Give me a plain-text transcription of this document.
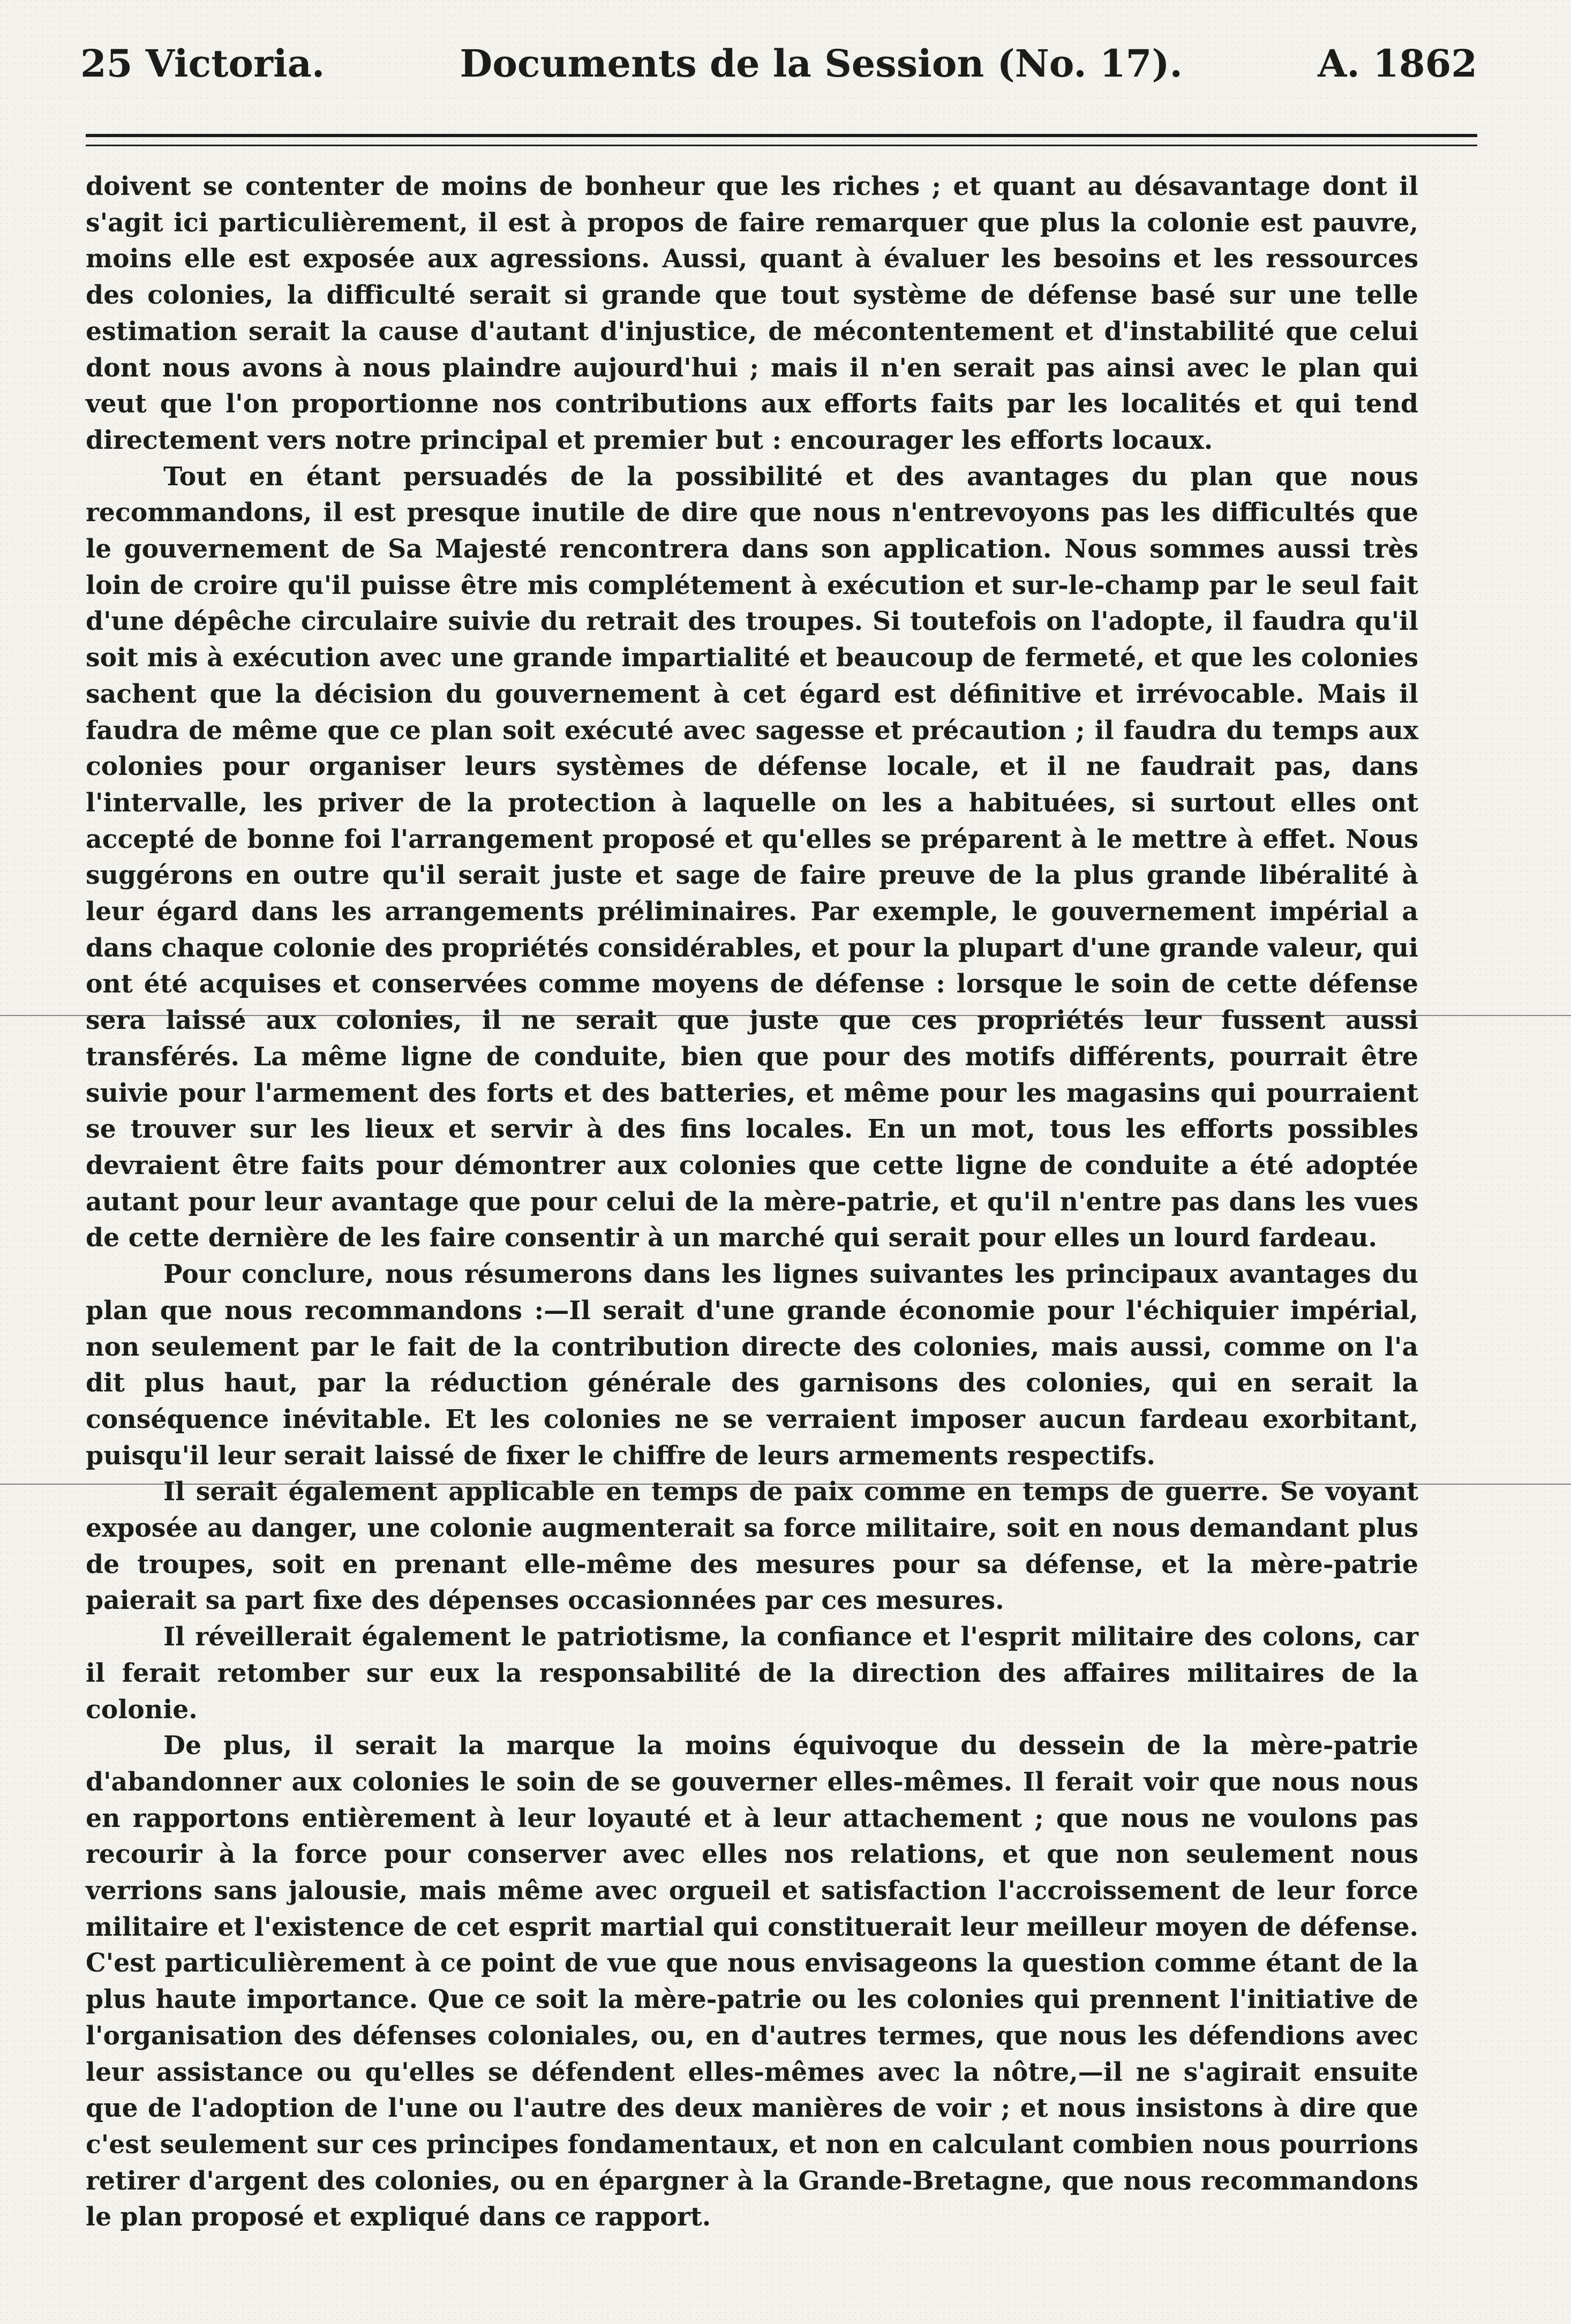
25 Victoria.	Documents de la Session (No. 17).	A. 1862

doivent se contenter de moins de bonheur que les riches ; et quant au désavantage dont il s'agit ici particulièrement, il est à propos de faire remarquer que plus la colonie est pauvre, moins elle est exposée aux agressions. Aussi, quant à évaluer les besoins et les ressources des colonies, la difficulté serait si grande que tout système de défense basé sur une telle estimation serait la cause d'autant d'injustice, de mécontentement et d'instabilité que celui dont nous avons à nous plaindre aujourd'hui ; mais il n'en serait pas ainsi avec le plan qui veut que l'on proportionne nos contributions aux efforts faits par les localités et qui tend directement vers notre principal et premier but : encourager les efforts locaux.

Tout en étant persuadés de la possibilité et des avantages du plan que nous recommandons, il est presque inutile de dire que nous n'entrevoyons pas les difficultés que le gouvernement de Sa Majesté rencontrera dans son application. Nous sommes aussi très loin de croire qu'il puisse être mis complétement à exécution et sur-le-champ par le seul fait d'une dépêche circulaire suivie du retrait des troupes. Si toutefois on l'adopte, il faudra qu'il soit mis à exécution avec une grande impartialité et beaucoup de fermeté, et que les colonies sachent que la décision du gouvernement à cet égard est définitive et irrévocable. Mais il faudra de même que ce plan soit exécuté avec sagesse et précaution ; il faudra du temps aux colonies pour organiser leurs systèmes de défense locale, et il ne faudrait pas, dans l'intervalle, les priver de la protection à laquelle on les a habituées, si surtout elles ont accepté de bonne foi l'arrangement proposé et qu'elles se préparent à le mettre à effet. Nous suggérons en outre qu'il serait juste et sage de faire preuve de la plus grande libéralité à leur égard dans les arrangements préliminaires. Par exemple, le gouvernement impérial a dans chaque colonie des propriétés considérables, et pour la plupart d'une grande valeur, qui ont été acquises et conservées comme moyens de défense : lorsque le soin de cette défense sera laissé aux colonies, il ne serait que juste que ces propriétés leur fussent aussi transférés. La même ligne de conduite, bien que pour des motifs différents, pourrait être suivie pour l'armement des forts et des batteries, et même pour les magasins qui pourraient se trouver sur les lieux et servir à des fins locales. En un mot, tous les efforts possibles devraient être faits pour démontrer aux colonies que cette ligne de conduite a été adoptée autant pour leur avantage que pour celui de la mère-patrie, et qu'il n'entre pas dans les vues de cette dernière de les faire consentir à un marché qui serait pour elles un lourd fardeau.

Pour conclure, nous résumerons dans les lignes suivantes les principaux avantages du plan que nous recommandons :—Il serait d'une grande économie pour l'échiquier impérial, non seulement par le fait de la contribution directe des colonies, mais aussi, comme on l'a dit plus haut, par la réduction générale des garnisons des colonies, qui en serait la conséquence inévitable. Et les colonies ne se verraient imposer aucun fardeau exorbitant, puisqu'il leur serait laissé de fixer le chiffre de leurs armements respectifs.

Il serait également applicable en temps de paix comme en temps de guerre. Se voyant exposée au danger, une colonie augmenterait sa force militaire, soit en nous demandant plus de troupes, soit en prenant elle-même des mesures pour sa défense, et la mère-patrie paierait sa part fixe des dépenses occasionnées par ces mesures.

Il réveillerait également le patriotisme, la confiance et l'esprit militaire des colons, car il ferait retomber sur eux la responsabilité de la direction des affaires militaires de la colonie.

De plus, il serait la marque la moins équivoque du dessein de la mère-patrie d'abandonner aux colonies le soin de se gouverner elles-mêmes. Il ferait voir que nous nous en rapportons entièrement à leur loyauté et à leur attachement ; que nous ne voulons pas recourir à la force pour conserver avec elles nos relations, et que non seulement nous verrions sans jalousie, mais même avec orgueil et satisfaction l'accroissement de leur force militaire et l'existence de cet esprit martial qui constituerait leur meilleur moyen de défense. C'est particulièrement à ce point de vue que nous envisageons la question comme étant de la plus haute importance. Que ce soit la mère-patrie ou les colonies qui prennent l'initiative de l'organisation des défenses coloniales, ou, en d'autres termes, que nous les défendions avec leur assistance ou qu'elles se défendent elles-mêmes avec la nôtre,—il ne s'agirait ensuite que de l'adoption de l'une ou l'autre des deux manières de voir ; et nous insistons à dire que c'est seulement sur ces principes fondamentaux, et non en calculant combien nous pourrions retirer d'argent des colonies, ou en épargner à la Grande-Bretagne, que nous recommandons le plan proposé et expliqué dans ce rapport.
